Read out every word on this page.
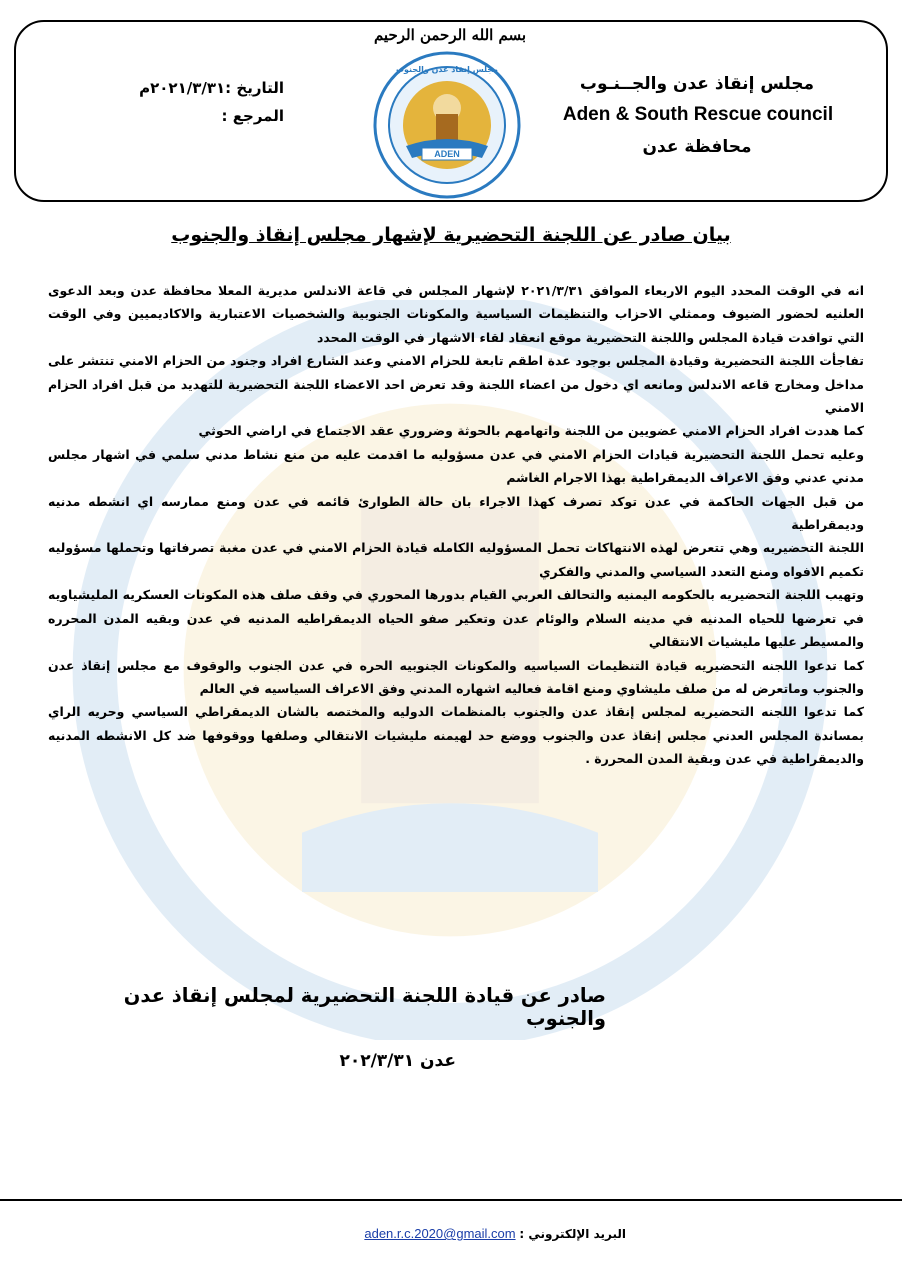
بسم الله الرحمن الرحيم
ADEN
مجلس إنقاذ عدن والجنوب
مجلس إنقاذ عدن والجــنـوب
Aden & South Rescue council
محافظة عدن
التاريخ :٢٠٢١/٣/٣١م
المرجع :
بيان صادر عن اللجنة التحضيرية لإشهار مجلس إنقاذ والجنوب

انه في الوقت المحدد اليوم الاربعاء الموافق ٢٠٢١/٣/٣١ لإشهار المجلس في قاعة الاندلس مديرية المعلا محافظة عدن وبعد الدعوى العلنيه لحضور الضيوف وممثلي الاحزاب والتنظيمات السياسية والمكونات الجنوبية والشخصيات الاعتبارية والاكاديميين وفي الوقت التي توافدت قيادة المجلس واللجنة التحضيرية موقع انعقاد لقاء الاشهار في الوقت المحدد

تفاجأت اللجنة التحضيرية وقيادة المجلس بوجود عدة اطقم تابعة للحزام الامني وعند الشارع افراد وجنود من الحزام الامني تنتشر على مداخل ومخارج قاعه الاندلس ومانعه اي دخول من اعضاء اللجنة وقد تعرض احد الاعضاء اللجنة التحضيرية للتهديد من قبل افراد الحزام الامني

كما هددت افراد الحزام الامني عضويين من اللجنة واتهامهم بالحوثة وضروري عقد الاجتماع في اراضي الحوثي

وعليه تحمل اللجنة التحضيرية قيادات الحزام الامني في عدن مسؤوليه ما اقدمت عليه من منع نشاط مدني سلمي في اشهار مجلس مدني عدني وفق الاعراف الديمقراطية بهذا الاجرام الغاشم

من قبل الجهات الحاكمة في عدن توكد تصرف كهذا الاجراء بان حالة الطوارئ قائمه في عدن ومنع ممارسه اي انشطه مدنيه وديمقراطية

اللجنة التحضيريه وهي تتعرض لهذه الانتهاكات تحمل المسؤوليه الكامله قيادة الحزام الامني في عدن مغبة تصرفاتها وتحملها مسؤوليه تكميم الافواه ومنع التعدد السياسي والمدني والفكري

وتهيب اللجنة التحضيريه بالحكومه اليمنيه والتحالف العربي القيام بدورها المحوري في وقف صلف هذه المكونات العسكريه المليشياويه في تعرضها للحياه المدنيه في مدينه السلام والوئام عدن وتعكير صفو الحياه الديمقراطيه المدنيه في عدن وبقيه المدن المحرره والمسيطر عليها مليشيات الانتقالي

كما تدعوا اللجنه التحضيريه قيادة التنظيمات السياسيه والمكونات الجنوبيه الحره في عدن الجنوب والوقوف مع مجلس إنقاذ عدن والجنوب وماتعرض له من صلف مليشاوي ومنع اقامة فعاليه اشهاره المدني وفق الاعراف السياسيه في العالم

كما تدعوا اللجنه التحضيريه لمجلس إنقاذ عدن والجنوب بالمنظمات الدوليه والمختصه بالشان الديمقراطي السياسي وحريه الراي بمساندة المجلس العدني مجلس إنقاذ عدن والجنوب ووضع حد لهيمنه مليشيات الانتقالي وصلفها ووقوفها ضد كل الانشطه المدنيه والديمقراطية في عدن وبقية المدن المحررة .

صادر عن قيادة اللجنة التحضيرية لمجلس إنقاذ عدن والجنوب
عدن ٢٠٢/٣/٣١
البريد الإلكتروني : aden.r.c.2020@gmail.com
